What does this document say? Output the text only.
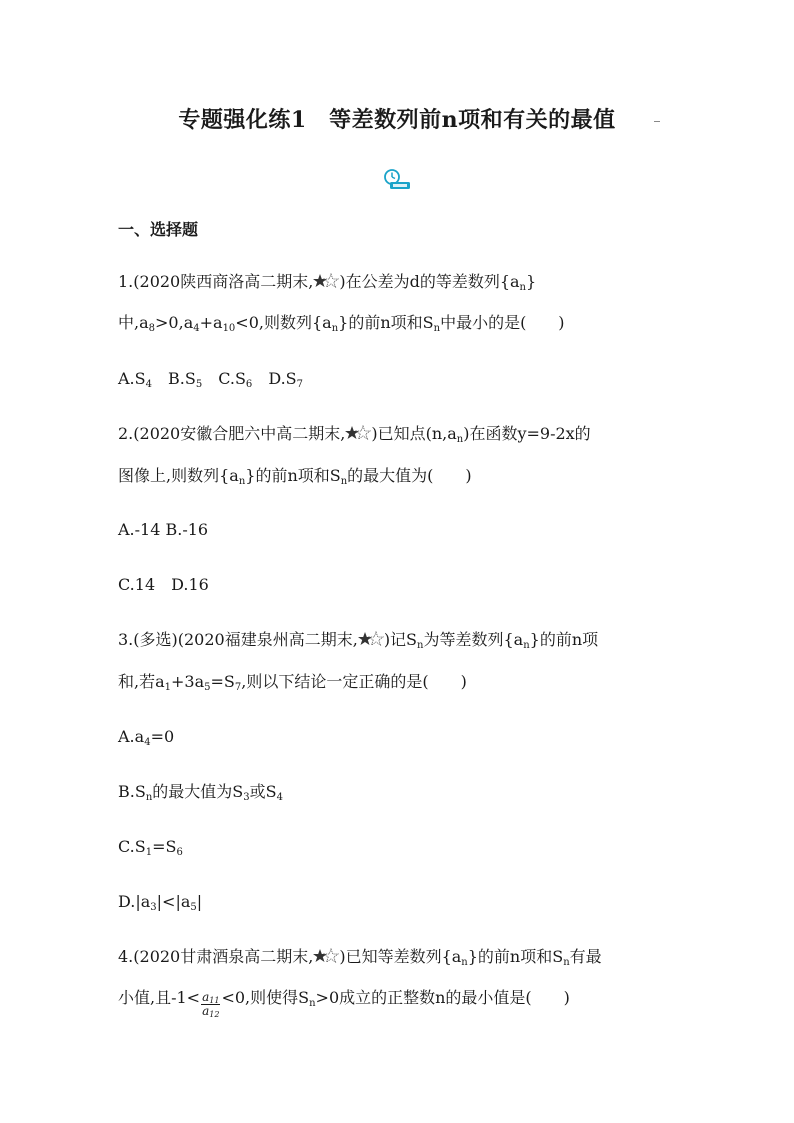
专题强化练1　等差数列前n项和有关的最值
一、选择题
1.(2020陕西商洛高二期末, )在公差为d的等差数列$\{a_n\}$
中$,a_8>0,a_4+a_{10}<0$,则数列$\{a_n\}$的前n项和$S_n$中最小的是(　　)
$A.S_4$　 $B.S_5$　 $C.S_6$　 $D.S_7$
2.(2020安徽合肥六中高二期末, )已知点$(n,a_n)$在函数y=9-2x的
图像上,则数列$\{a_n\}$的前n项和$S_n$的最大值为(　　)
A.-14 B.-16
C.14　D.16
3.(多选)(2020福建泉州高二期末, )记$S_n$为等差数列$\{a_n\}$的前n项
和,若$a_1+3a_5=S_7$,则以下结论一定正确的是(　　)
$A.a_4=0$
$B.S_n$的最大值为$S_3$或$S_4$
$C.S_1=S_6$
$D.|a_3|<|a_5|$
4.(2020甘肃酒泉高二期末, )已知等差数列$\{a_n\}$的前n项和$S_n$有最
小值,且$-1< \frac{a_{11}}{a_{12}} <0$,则使得$S_n>0$成立的正整数n的最小值是(　　)
